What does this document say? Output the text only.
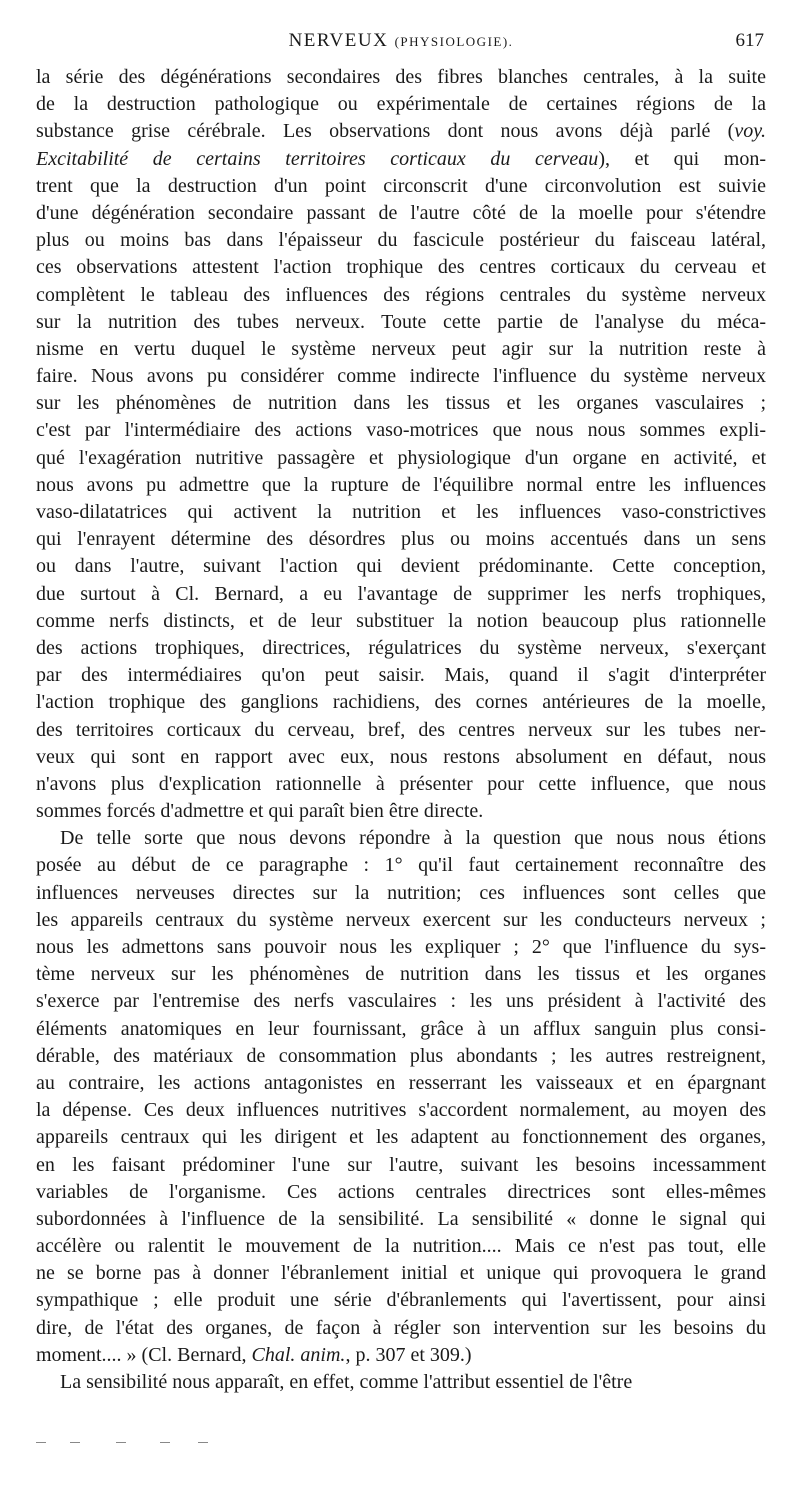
NERVEUX (PHYSIOLOGIE).	617
la série des dégénérations secondaires des fibres blanches centrales, à la suite
de la destruction pathologique ou expérimentale de certaines régions de la
substance grise cérébrale. Les observations dont nous avons déjà parlé (voy.
Excitabilité de certains territoires corticaux du cerveau), et qui mon-
trent que la destruction d'un point circonscrit d'une circonvolution est suivie
d'une dégénération secondaire passant de l'autre côté de la moelle pour s'étendre
plus ou moins bas dans l'épaisseur du fascicule postérieur du faisceau latéral,
ces observations attestent l'action trophique des centres corticaux du cerveau et
complètent le tableau des influences des régions centrales du système nerveux
sur la nutrition des tubes nerveux. Toute cette partie de l'analyse du méca-
nisme en vertu duquel le système nerveux peut agir sur la nutrition reste à
faire. Nous avons pu considérer comme indirecte l'influence du système nerveux
sur les phénomènes de nutrition dans les tissus et les organes vasculaires ;
c'est par l'intermédiaire des actions vaso-motrices que nous nous sommes expli-
qué l'exagération nutritive passagère et physiologique d'un organe en activité, et
nous avons pu admettre que la rupture de l'équilibre normal entre les influences
vaso-dilatatrices qui activent la nutrition et les influences vaso-constrictives
qui l'enrayent détermine des désordres plus ou moins accentués dans un sens
ou dans l'autre, suivant l'action qui devient prédominante. Cette conception,
due surtout à Cl. Bernard, a eu l'avantage de supprimer les nerfs trophiques,
comme nerfs distincts, et de leur substituer la notion beaucoup plus rationnelle
des actions trophiques, directrices, régulatrices du système nerveux, s'exerçant
par des intermédiaires qu'on peut saisir. Mais, quand il s'agit d'interpréter
l'action trophique des ganglions rachidiens, des cornes antérieures de la moelle,
des territoires corticaux du cerveau, bref, des centres nerveux sur les tubes ner-
veux qui sont en rapport avec eux, nous restons absolument en défaut, nous
n'avons plus d'explication rationnelle à présenter pour cette influence, que nous
sommes forcés d'admettre et qui paraît bien être directe.
De telle sorte que nous devons répondre à la question que nous nous étions
posée au début de ce paragraphe : 1° qu'il faut certainement reconnaître des
influences nerveuses directes sur la nutrition; ces influences sont celles que
les appareils centraux du système nerveux exercent sur les conducteurs nerveux ;
nous les admettons sans pouvoir nous les expliquer ; 2° que l'influence du sys-
tème nerveux sur les phénomènes de nutrition dans les tissus et les organes
s'exerce par l'entremise des nerfs vasculaires : les uns président à l'activité des
éléments anatomiques en leur fournissant, grâce à un afflux sanguin plus consi-
dérable, des matériaux de consommation plus abondants ; les autres restreignent,
au contraire, les actions antagonistes en resserrant les vaisseaux et en épargnant
la dépense. Ces deux influences nutritives s'accordent normalement, au moyen des
appareils centraux qui les dirigent et les adaptent au fonctionnement des organes,
en les faisant prédominer l'une sur l'autre, suivant les besoins incessamment
variables de l'organisme. Ces actions centrales directrices sont elles-mêmes
subordonnées à l'influence de la sensibilité. La sensibilité « donne le signal qui
accélère ou ralentit le mouvement de la nutrition.... Mais ce n'est pas tout, elle
ne se borne pas à donner l'ébranlement initial et unique qui provoquera le grand
sympathique ; elle produit une série d'ébranlements qui l'avertissent, pour ainsi
dire, de l'état des organes, de façon à régler son intervention sur les besoins du
moment.... » (Cl. Bernard, Chal. anim., p. 307 et 309.)
La sensibilité nous apparaît, en effet, comme l'attribut essentiel de l'être
